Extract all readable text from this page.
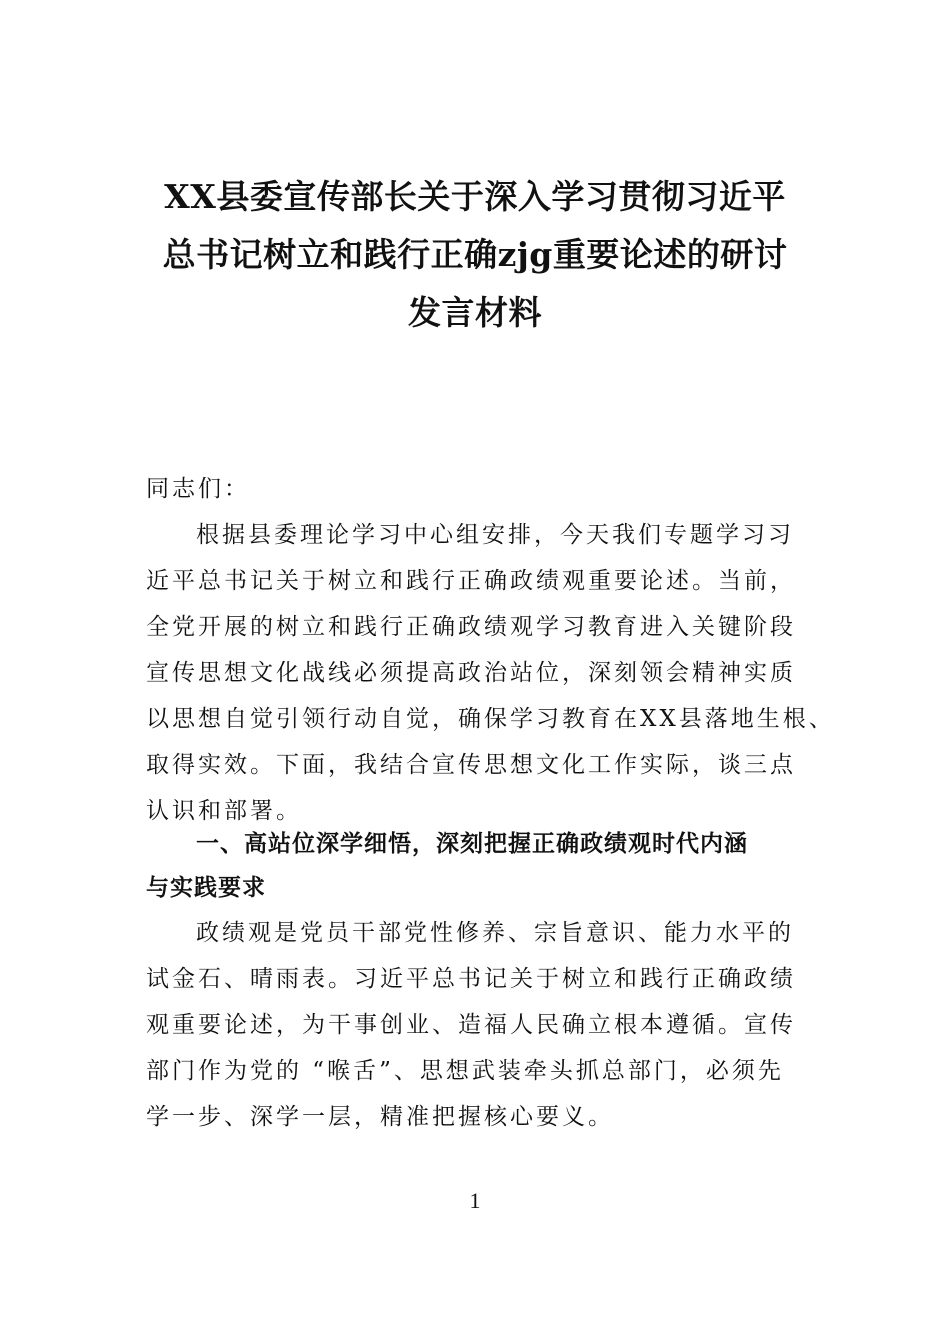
XX县委宣传部长关于深入学习贯彻习近平
总书记树立和践行正确zjg重要论述的研讨
发言材料
同志们：
根据县委理论学习中心组安排，今天我们专题学习习
近平总书记关于树立和践行正确政绩观重要论述。当前，
全党开展的树立和践行正确政绩观学习教育进入关键阶段
宣传思想文化战线必须提高政治站位，深刻领会精神实质
以思想自觉引领行动自觉，确保学习教育在XX县落地生根、
取得实效。下面，我结合宣传思想文化工作实际，谈三点
认识和部署。
一、高站位深学细悟，深刻把握正确政绩观时代内涵
与实践要求
政绩观是党员干部党性修养、宗旨意识、能力水平的
试金石、晴雨表。习近平总书记关于树立和践行正确政绩
观重要论述，为干事创业、造福人民确立根本遵循。宣传
部门作为党的 “喉舌”、思想武装牵头抓总部门，必须先
学一步、深学一层，精准把握核心要义。
1
